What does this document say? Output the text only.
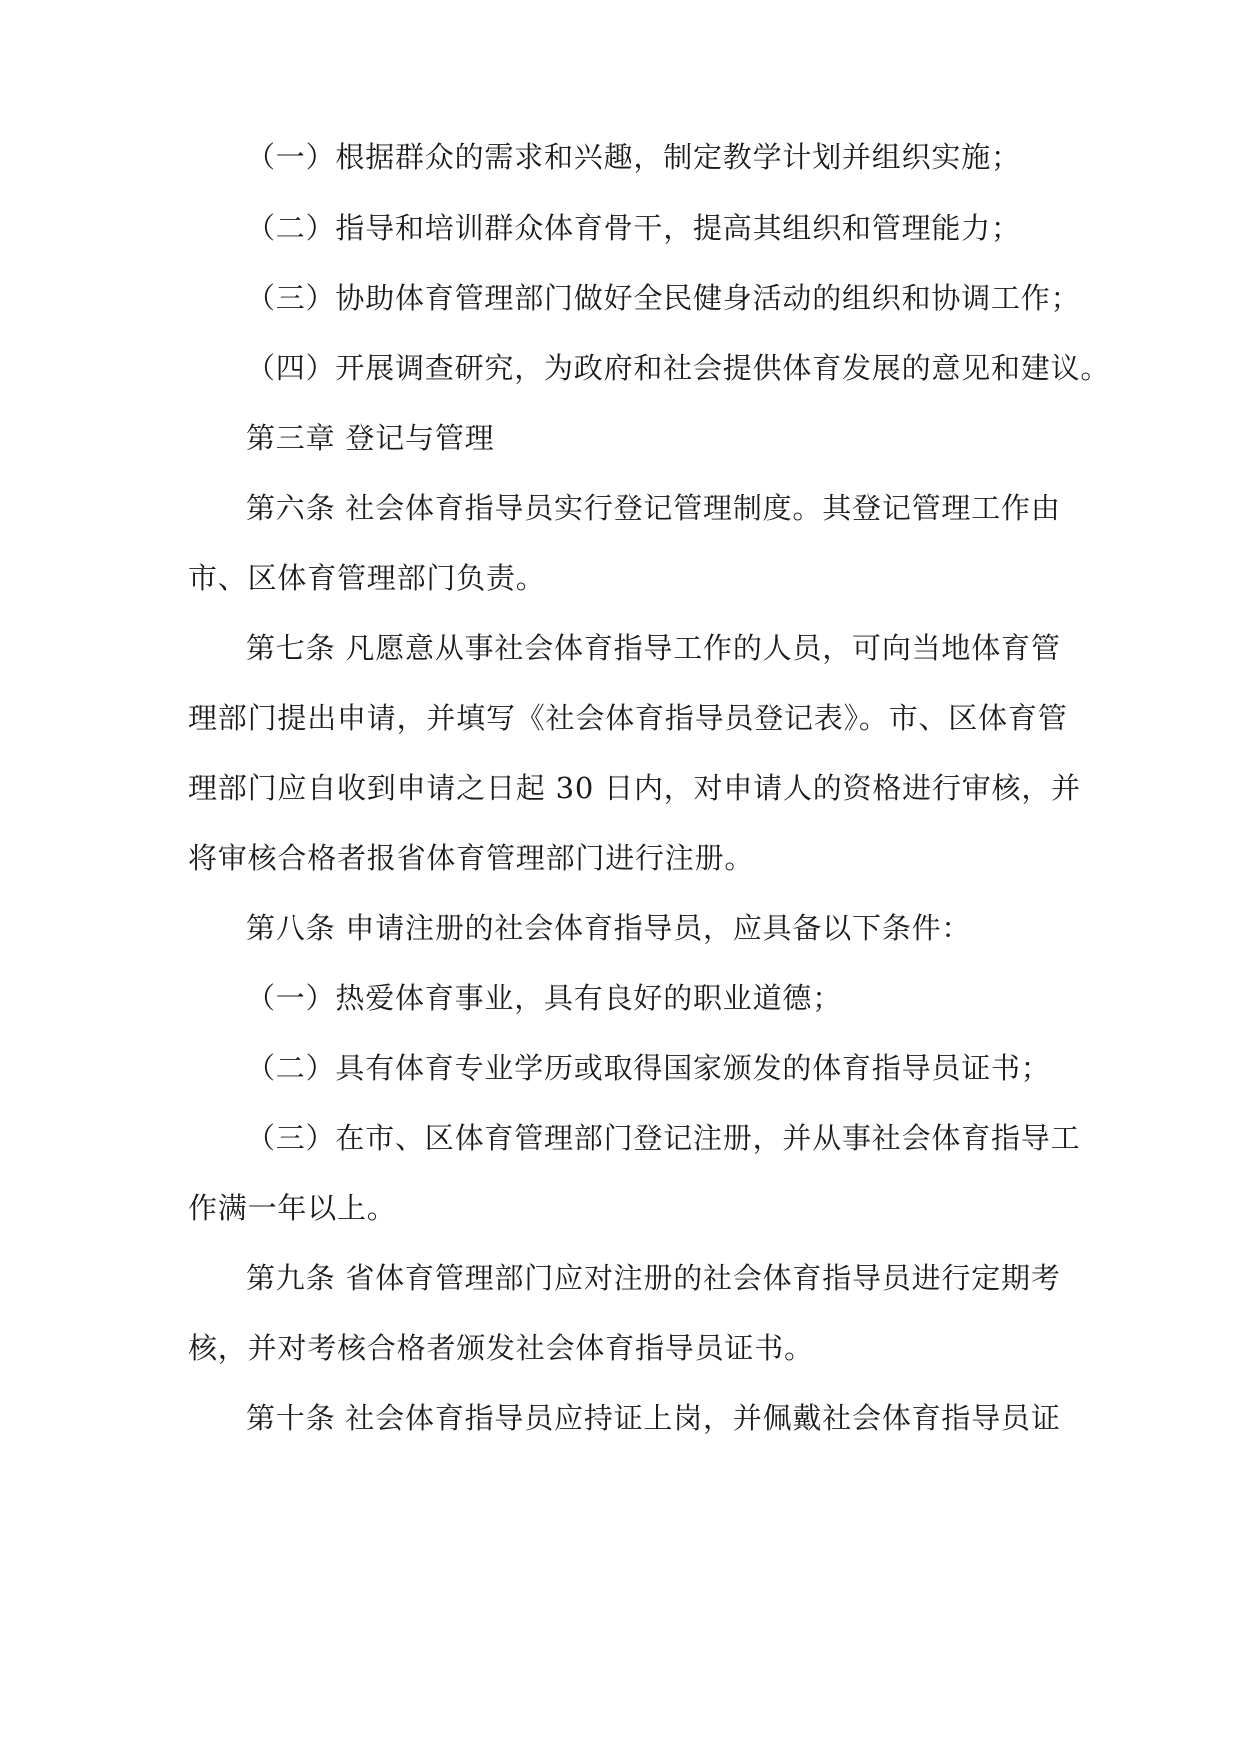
（一）根据群众的需求和兴趣，制定教学计划并组织实施；
（二）指导和培训群众体育骨干，提高其组织和管理能力；
（三）协助体育管理部门做好全民健身活动的组织和协调工作；
（四）开展调查研究，为政府和社会提供体育发展的意见和建议。
第三章 登记与管理
第六条 社会体育指导员实行登记管理制度。其登记管理工作由
市、区体育管理部门负责。
第七条 凡愿意从事社会体育指导工作的人员，可向当地体育管
理部门提出申请，并填写《社会体育指导员登记表》。市、区体育管
理部门应自收到申请之日起 30 日内，对申请人的资格进行审核，并
将审核合格者报省体育管理部门进行注册。
第八条 申请注册的社会体育指导员，应具备以下条件：
（一）热爱体育事业，具有良好的职业道德；
（二）具有体育专业学历或取得国家颁发的体育指导员证书；
（三）在市、区体育管理部门登记注册，并从事社会体育指导工
作满一年以上。
第九条 省体育管理部门应对注册的社会体育指导员进行定期考
核，并对考核合格者颁发社会体育指导员证书。
第十条 社会体育指导员应持证上岗，并佩戴社会体育指导员证
